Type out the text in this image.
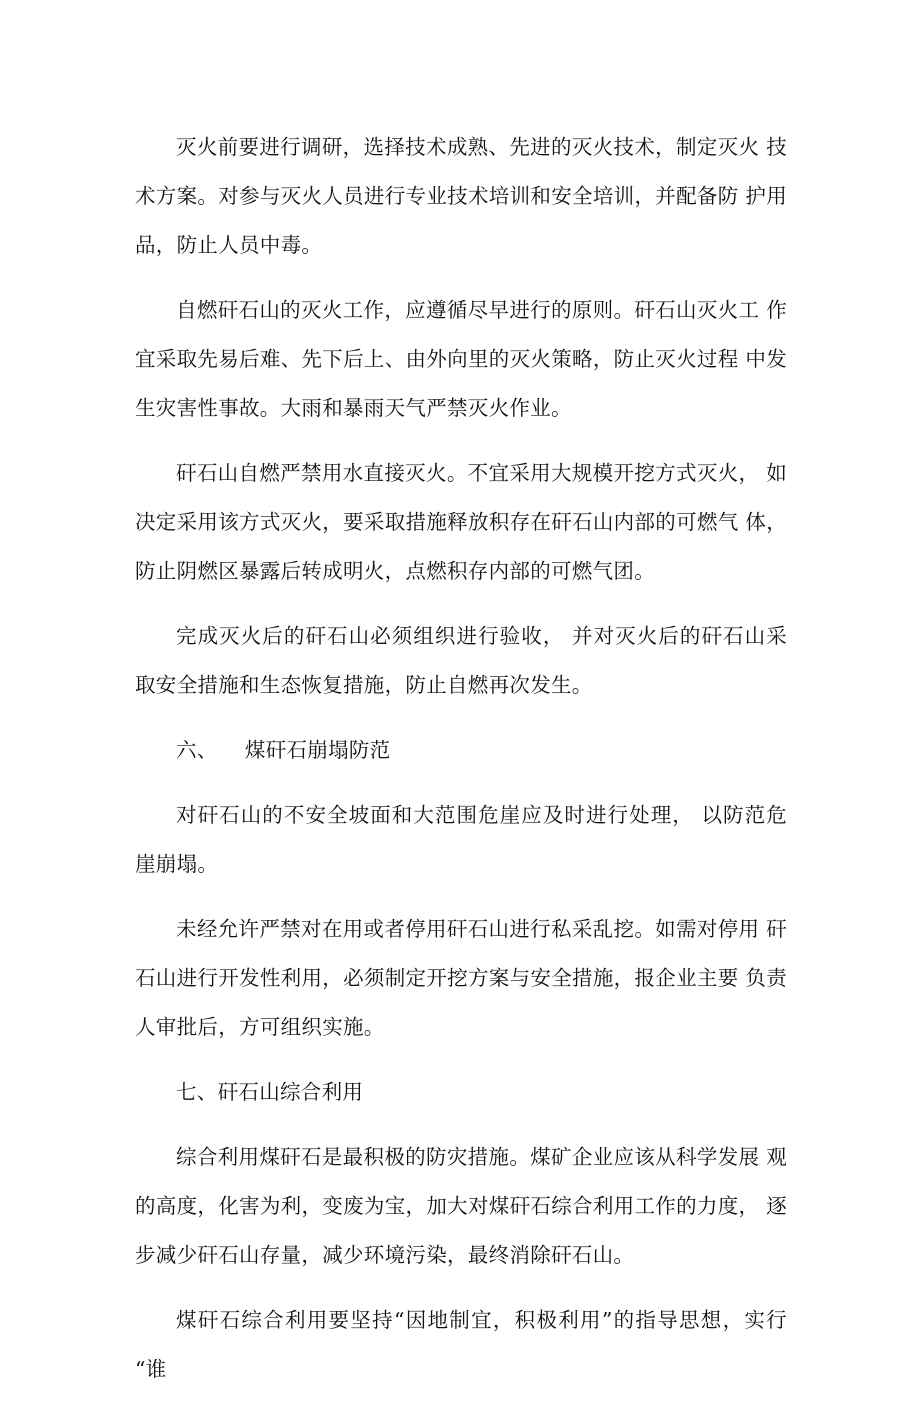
灭火前要进行调研，选择技术成熟、先进的灭火技术，制定灭火 技术方案。对参与灭火人员进行专业技术培训和安全培训，并配备防 护用品，防止人员中毒。

自燃矸石山的灭火工作，应遵循尽早进行的原则。矸石山灭火工 作宜采取先易后难、先下后上、由外向里的灭火策略，防止灭火过程 中发生灾害性事故。大雨和暴雨天气严禁灭火作业。

矸石山自燃严禁用水直接灭火。不宜采用大规模开挖方式灭火， 如决定采用该方式灭火，要采取措施释放积存在矸石山内部的可燃气 体，防止阴燃区暴露后转成明火，点燃积存内部的可燃气团。

完成灭火后的矸石山必须组织进行验收， 并对灭火后的矸石山采 取安全措施和生态恢复措施，防止自燃再次发生。

六、    煤矸石崩塌防范

对矸石山的不安全坡面和大范围危崖应及时进行处理， 以防范危 崖崩塌。

未经允许严禁对在用或者停用矸石山进行私采乱挖。如需对停用 矸石山进行开发性利用，必须制定开挖方案与安全措施，报企业主要 负责人审批后，方可组织实施。

七、矸石山综合利用

综合利用煤矸石是最积极的防灾措施。煤矿企业应该从科学发展 观的高度，化害为利，变废为宝，加大对煤矸石综合利用工作的力度， 逐步减少矸石山存量，减少环境污染，最终消除矸石山。

煤矸石综合利用要坚持“因地制宜，积极利用”的指导思想，实行 “谁
